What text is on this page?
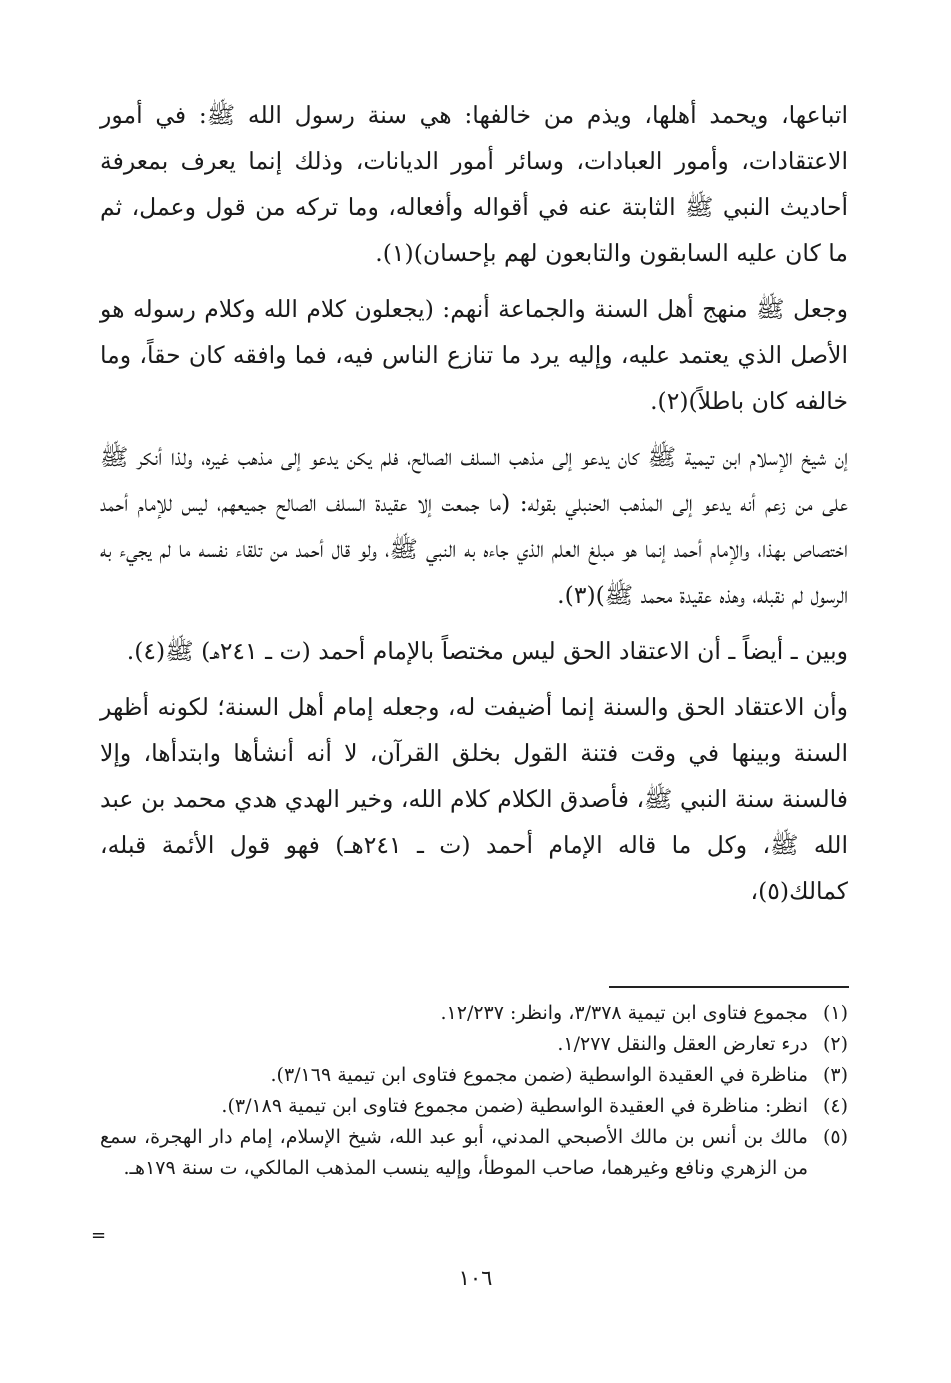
اتباعها، ويحمد أهلها، ويذم من خالفها: هي سنة رسول الله ﷺ: في أمور الاعتقادات، وأمور العبادات، وسائر أمور الديانات، وذلك إنما يعرف بمعرفة أحاديث النبي ﷺ الثابتة عنه في أقواله وأفعاله، وما تركه من قول وعمل، ثم ما كان عليه السابقون والتابعون لهم بإحسان)(١).

وجعل ﷺ منهج أهل السنة والجماعة أنهم: (يجعلون كلام الله وكلام رسوله هو الأصل الذي يعتمد عليه، وإليه يرد ما تنازع الناس فيه، فما وافقه كان حقاً، وما خالفه كان باطلاً)(٢).

إن شيخ الإسلام ابن تيمية ﷺ كان يدعو إلى مذهب السلف الصالح، فلم يكن يدعو إلى مذهب غيره، ولذا أنكر ﷺ على من زعم أنه يدعو إلى المذهب الحنبلي بقوله: (ما جمعت إلا عقيدة السلف الصالح جميعهم، ليس للإمام أحمد اختصاص بهذا، والإمام أحمد إنما هو مبلغ العلم الذي جاءه به النبي ﷺ، ولو قال أحمد من تلقاء نفسه ما لم يجيء به الرسول لم نقبله، وهذه عقيدة محمد ﷺ)(٣).

وبين ـ أيضاً ـ أن الاعتقاد الحق ليس مختصاً بالإمام أحمد (ت ـ ٢٤١هـ) ﷺ(٤).

وأن الاعتقاد الحق والسنة إنما أضيفت له، وجعله إمام أهل السنة؛ لكونه أظهر السنة وبينها في وقت فتنة القول بخلق القرآن، لا أنه أنشأها وابتدأها، وإلا فالسنة سنة النبي ﷺ، فأصدق الكلام كلام الله، وخير الهدي هدي محمد بن عبد الله ﷺ، وكل ما قاله الإمام أحمد (ت ـ ٢٤١هـ) فهو قول الأئمة قبله، كمالك(٥)،

(١)
مجموع فتاوى ابن تيمية ٣/٣٧٨، وانظر: ١٢/٢٣٧.
(٢)
درء تعارض العقل والنقل ١/٢٧٧.
(٣)
مناظرة في العقيدة الواسطية (ضمن مجموع فتاوى ابن تيمية ٣/١٦٩).
(٤)
انظر: مناظرة في العقيدة الواسطية (ضمن مجموع فتاوى ابن تيمية ٣/١٨٩).
(٥)
مالك بن أنس بن مالك الأصبحي المدني، أبو عبد الله، شيخ الإسلام، إمام دار الهجرة، سمع من الزهري ونافع وغيرهما، صاحب الموطأ، وإليه ينسب المذهب المالكي، ت سنة ١٧٩هـ.
=
١٠٦
